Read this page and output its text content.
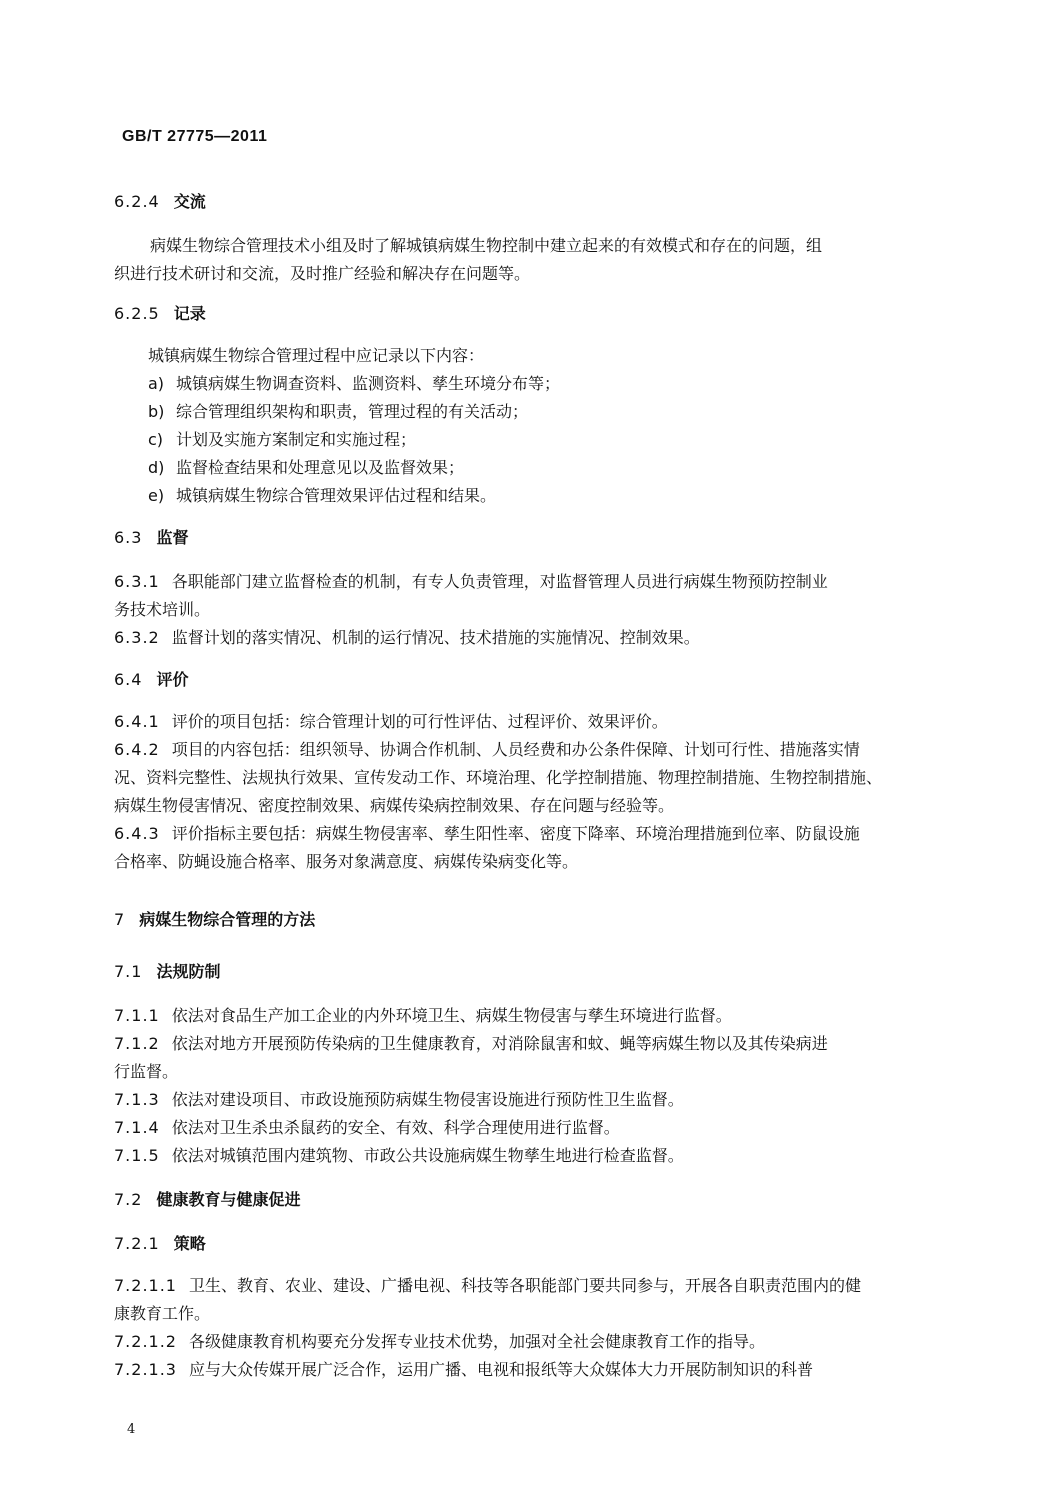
GB/T 27775—2011
6.2.4 交流
病媒生物综合管理技术小组及时了解城镇病媒生物控制中建立起来的有效模式和存在的问题，组
织进行技术研讨和交流，及时推广经验和解决存在问题等。
6.2.5 记录
城镇病媒生物综合管理过程中应记录以下内容：
a) 城镇病媒生物调查资料、监测资料、孳生环境分布等；
b) 综合管理组织架构和职责，管理过程的有关活动；
c) 计划及实施方案制定和实施过程；
d) 监督检查结果和处理意见以及监督效果；
e) 城镇病媒生物综合管理效果评估过程和结果。
6.3 监督
6.3.1 各职能部门建立监督检查的机制，有专人负责管理，对监督管理人员进行病媒生物预防控制业
务技术培训。
6.3.2 监督计划的落实情况、机制的运行情况、技术措施的实施情况、控制效果。
6.4 评价
6.4.1 评价的项目包括：综合管理计划的可行性评估、过程评价、效果评价。
6.4.2 项目的内容包括：组织领导、协调合作机制、人员经费和办公条件保障、计划可行性、措施落实情
况、资料完整性、法规执行效果、宣传发动工作、环境治理、化学控制措施、物理控制措施、生物控制措施、
病媒生物侵害情况、密度控制效果、病媒传染病控制效果、存在问题与经验等。
6.4.3 评价指标主要包括：病媒生物侵害率、孳生阳性率、密度下降率、环境治理措施到位率、防鼠设施
合格率、防蝇设施合格率、服务对象满意度、病媒传染病变化等。
7 病媒生物综合管理的方法
7.1 法规防制
7.1.1 依法对食品生产加工企业的内外环境卫生、病媒生物侵害与孳生环境进行监督。
7.1.2 依法对地方开展预防传染病的卫生健康教育，对消除鼠害和蚊、蝇等病媒生物以及其传染病进
行监督。
7.1.3 依法对建设项目、市政设施预防病媒生物侵害设施进行预防性卫生监督。
7.1.4 依法对卫生杀虫杀鼠药的安全、有效、科学合理使用进行监督。
7.1.5 依法对城镇范围内建筑物、市政公共设施病媒生物孳生地进行检查监督。
7.2 健康教育与健康促进
7.2.1 策略
7.2.1.1 卫生、教育、农业、建设、广播电视、科技等各职能部门要共同参与，开展各自职责范围内的健
康教育工作。
7.2.1.2 各级健康教育机构要充分发挥专业技术优势，加强对全社会健康教育工作的指导。
7.2.1.3 应与大众传媒开展广泛合作，运用广播、电视和报纸等大众媒体大力开展防制知识的科普
4
